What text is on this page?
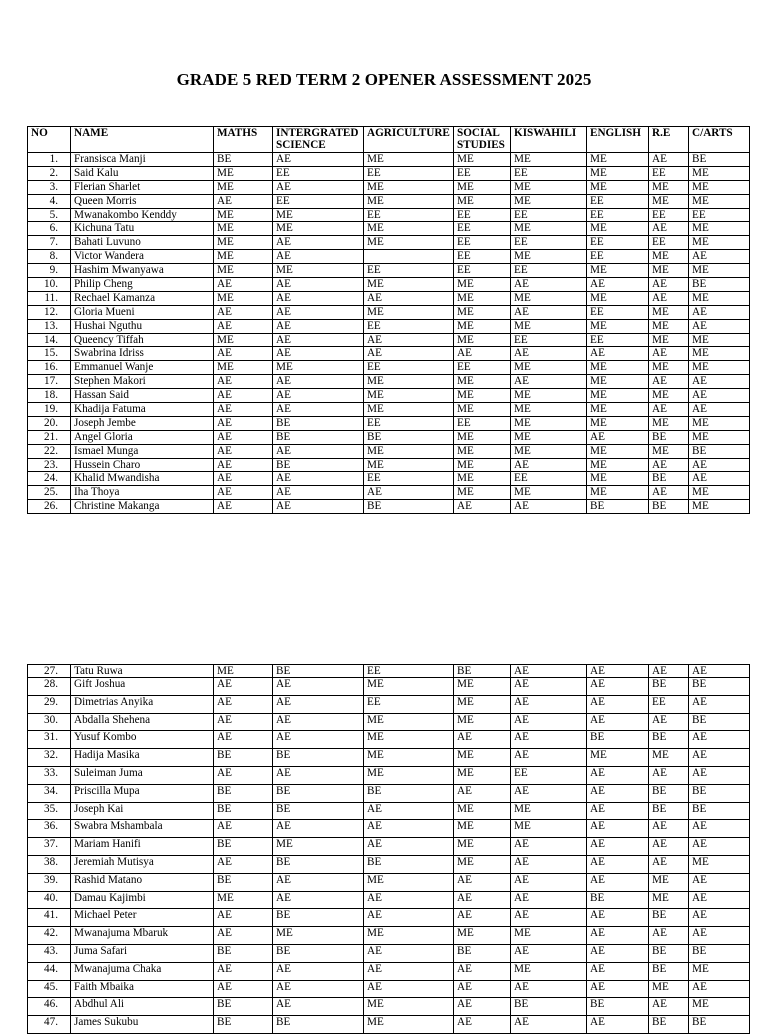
GRADE 5 RED TERM 2 OPENER ASSESSMENT 2025
NO	NAME	MATHS	INTERGRATED SCIENCE	AGRICULTURE	SOCIAL STUDIES	KISWAHILI	ENGLISH	R.E	C/ARTS
1.	Fransisca Manji	BE	AE	ME	ME	ME	ME	AE	BE
2.	Said Kalu	ME	EE	EE	EE	EE	ME	EE	ME
3.	Flerian Sharlet	ME	AE	ME	ME	ME	ME	ME	ME
4.	Queen Morris	AE	EE	ME	ME	ME	EE	ME	ME
5.	Mwanakombo Kenddy	ME	ME	EE	EE	EE	EE	EE	EE
6.	Kichuna Tatu	ME	ME	ME	EE	ME	ME	AE	ME
7.	Bahati Luvuno	ME	AE	ME	EE	EE	EE	EE	ME
8.	Victor Wandera	ME	AE		EE	ME	EE	ME	AE
9.	Hashim Mwanyawa	ME	ME	EE	EE	EE	ME	ME	ME
10.	Philip Cheng	AE	AE	ME	ME	AE	AE	AE	BE
11.	Rechael Kamanza	ME	AE	AE	ME	ME	ME	AE	ME
12.	Gloria Mueni	AE	AE	ME	ME	AE	EE	ME	AE
13.	Hushai Nguthu	AE	AE	EE	ME	ME	ME	ME	AE
14.	Queency Tiffah	ME	AE	AE	ME	EE	EE	ME	ME
15.	Swabrina Idriss	AE	AE	AE	AE	AE	AE	AE	ME
16.	Emmanuel Wanje	ME	ME	EE	EE	ME	ME	ME	ME
17.	Stephen Makori	AE	AE	ME	ME	AE	ME	AE	AE
18.	Hassan Said	AE	AE	ME	ME	ME	ME	ME	AE
19.	Khadija Fatuma	AE	AE	ME	ME	ME	ME	AE	AE
20.	Joseph Jembe	AE	BE	EE	EE	ME	ME	ME	ME
21.	Angel Gloria	AE	BE	BE	ME	ME	AE	BE	ME
22.	Ismael Munga	AE	AE	ME	ME	ME	ME	ME	BE
23.	Hussein Charo	AE	BE	ME	ME	AE	ME	AE	AE
24.	Khalid Mwandisha	AE	AE	EE	ME	EE	ME	BE	AE
25.	Iha Thoya	AE	AE	AE	ME	ME	ME	AE	ME
26.	Christine Makanga	AE	AE	BE	AE	AE	BE	BE	ME
27.	Tatu Ruwa	ME	BE	EE	BE	AE	AE	AE	AE
28.	Gift Joshua	AE	AE	ME	ME	AE	AE	BE	BE
29.	Dimetrias Anyika	AE	AE	EE	ME	AE	AE	EE	AE
30.	Abdalla Shehena	AE	AE	ME	ME	AE	AE	AE	BE
31.	Yusuf Kombo	AE	AE	ME	AE	AE	BE	BE	AE
32.	Hadija Masika	BE	BE	ME	ME	AE	ME	ME	AE
33.	Suleiman Juma	AE	AE	ME	ME	EE	AE	AE	AE
34.	Priscilla Mupa	BE	BE	BE	AE	AE	AE	BE	BE
35.	Joseph Kai	BE	BE	AE	ME	ME	AE	BE	BE
36.	Swabra Mshambala	AE	AE	AE	ME	ME	AE	AE	AE
37.	Mariam Hanifi	BE	ME	AE	ME	AE	AE	AE	AE
38.	Jeremiah Mutisya	AE	BE	BE	ME	AE	AE	AE	ME
39.	Rashid Matano	BE	AE	ME	AE	AE	AE	ME	AE
40.	Damau Kajimbi	ME	AE	AE	AE	AE	BE	ME	AE
41.	Michael Peter	AE	BE	AE	AE	AE	AE	BE	AE
42.	Mwanajuma Mbaruk	AE	ME	ME	ME	ME	AE	AE	AE
43.	Juma Safari	BE	BE	AE	BE	AE	AE	BE	BE
44.	Mwanajuma Chaka	AE	AE	AE	AE	ME	AE	BE	ME
45.	Faith Mbaika	AE	AE	AE	AE	AE	AE	ME	AE
46.	Abdhul Ali	BE	AE	ME	AE	BE	BE	AE	ME
47.	James Sukubu	BE	BE	ME	AE	AE	AE	BE	BE
